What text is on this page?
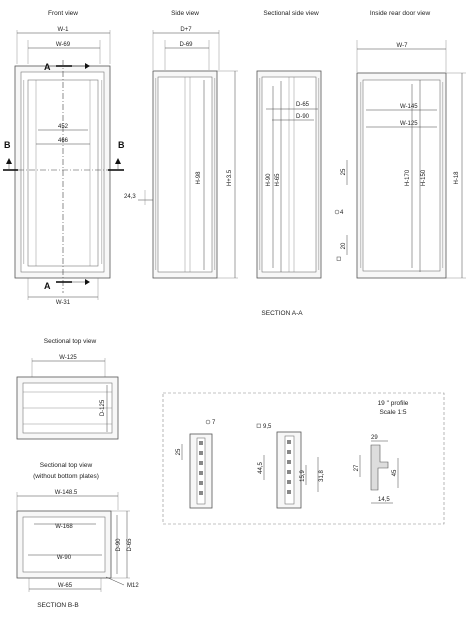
Front view	Side view	Sectional side view	Inside rear door view
W-1
W-69
A
452
466
B	B
A
W-31
D+7
D-69
H-98	H+3.5
24,3
D-65
D-90
H-90 H-65
W-7
W-145
W-125
H-170 H-150	H-18
25
4
20
SECTION A-A
Sectional top view
W-125
D-125
Sectional top view
(without bottom plates)
W-148.5
W-168
W-90
D-90 D-65
W-65	M12
SECTION B-B
19 " profile
Scale 1:5
25
7
9,5
44,5
15,9 31,8
29
27
45
14,5
